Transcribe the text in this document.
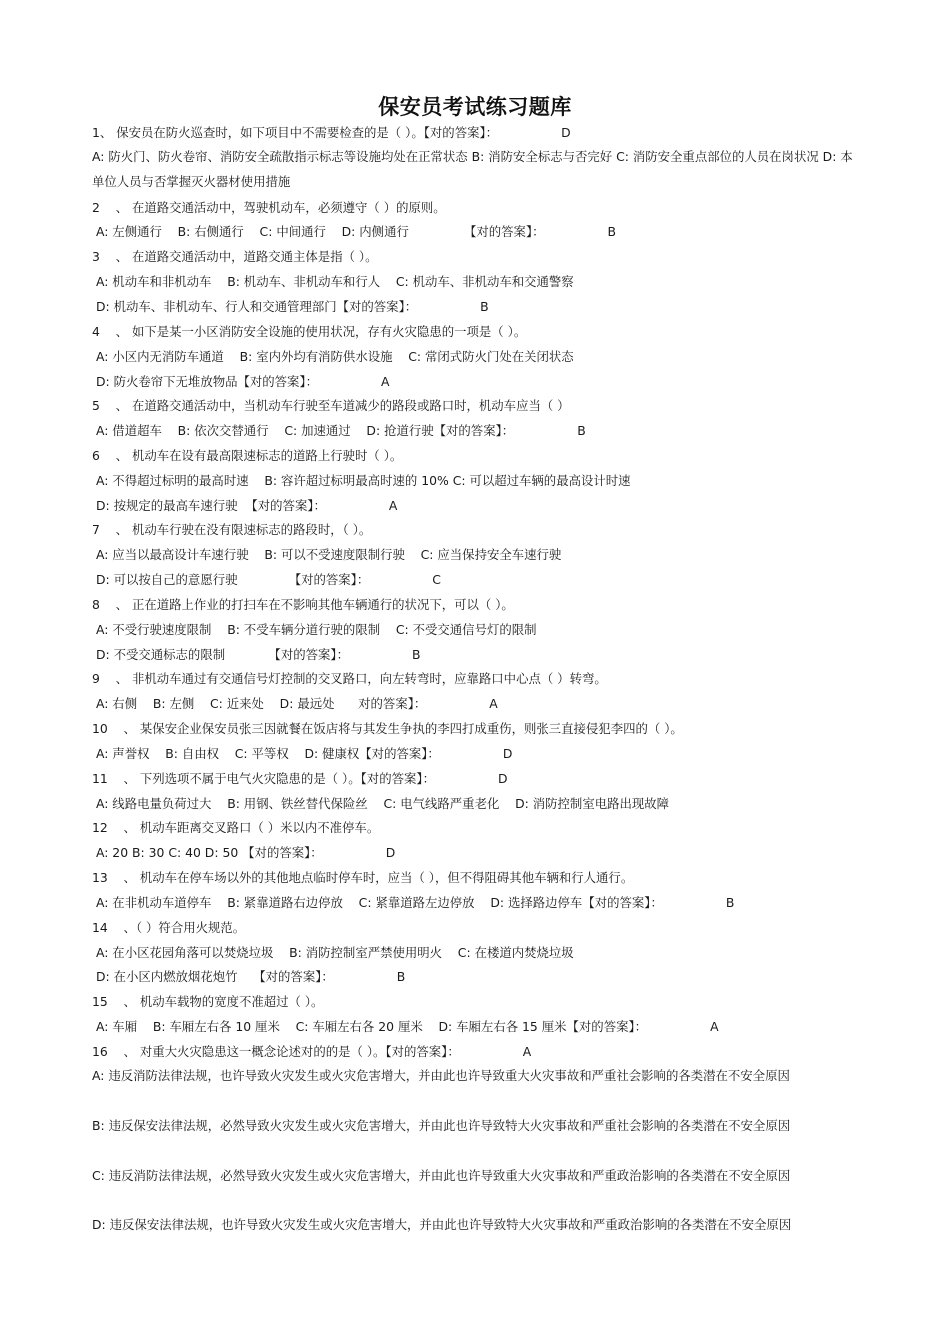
保安员考试练习题库
1、 保安员在防火巡查时，如下项目中不需要检查的是（ ）。【对的答案】：                D
A: 防火门、防火卷帘、消防安全疏散指示标志等设施均处在正常状态 B: 消防安全标志与否完好 C: 消防安全重点部位的人员在岗状况 D: 本单位人员与否掌握灭火器材使用措施
2    、 在道路交通活动中，驾驶机动车，必须遵守（ ）的原则。
A: 左侧通行    B: 右侧通行    C: 中间通行    D: 内侧通行              【对的答案】：                B
3    、 在道路交通活动中，道路交通主体是指（ ）。
A: 机动车和非机动车    B: 机动车、非机动车和行人    C: 机动车、非机动车和交通警察
D: 机动车、非机动车、行人和交通管理部门【对的答案】：                B
4    、 如下是某一小区消防安全设施的使用状况，存有火灾隐患的一项是（ ）。
A: 小区内无消防车通道    B: 室内外均有消防供水设施    C: 常闭式防火门处在关闭状态
D: 防火卷帘下无堆放物品【对的答案】：                A
5    、 在道路交通活动中，当机动车行驶至车道减少的路段或路口时，机动车应当（ ）
A: 借道超车    B: 依次交替通行    C: 加速通过    D: 抢道行驶【对的答案】：                B
6    、 机动车在设有最高限速标志的道路上行驶时（ ）。
A: 不得超过标明的最高时速    B: 容许超过标明最高时速的 10% C: 可以超过车辆的最高设计时速
D: 按规定的最高车速行驶  【对的答案】：                A
7    、 机动车行驶在没有限速标志的路段时，（ ）。
A: 应当以最高设计车速行驶    B: 可以不受速度限制行驶    C: 应当保持安全车速行驶
D: 可以按自己的意愿行驶             【对的答案】：                C
8    、 正在道路上作业的打扫车在不影响其他车辆通行的状况下，可以（ ）。
A: 不受行驶速度限制    B: 不受车辆分道行驶的限制    C: 不受交通信号灯的限制
D: 不受交通标志的限制           【对的答案】：                B
9    、 非机动车通过有交通信号灯控制的交叉路口，向左转弯时，应靠路口中心点（ ）转弯。
A: 右侧    B: 左侧    C: 近来处    D: 最远处      对的答案】：                A
10    、 某保安企业保安员张三因就餐在饭店将与其发生争执的李四打成重伤，则张三直接侵犯李四的（ ）。
A: 声誉权    B: 自由权    C: 平等权    D: 健康权【对的答案】：                D
11    、 下列选项不属于电气火灾隐患的是（ ）。【对的答案】：                D
A: 线路电量负荷过大    B: 用钢、铁丝替代保险丝    C: 电气线路严重老化    D: 消防控制室电路出现故障
12    、 机动车距离交叉路口（ ）米以内不准停车。
A: 20 B: 30 C: 40 D: 50 【对的答案】：                D
13    、 机动车在停车场以外的其他地点临时停车时，应当（ ），但不得阻碍其他车辆和行人通行。
A: 在非机动车道停车    B: 紧靠道路右边停放    C: 紧靠道路左边停放    D: 选择路边停车【对的答案】：                B
14    、（ ）符合用火规范。
A: 在小区花园角落可以焚烧垃圾    B: 消防控制室严禁使用明火    C: 在楼道内焚烧垃圾
D: 在小区内燃放烟花炮竹    【对的答案】：                B
15    、 机动车载物的宽度不准超过（ ）。
A: 车厢    B: 车厢左右各 10 厘米    C: 车厢左右各 20 厘米    D: 车厢左右各 15 厘米【对的答案】：                A
16    、 对重大火灾隐患这一概念论述对的的是（ ）。【对的答案】：                A
A: 违反消防法律法规，也许导致火灾发生或火灾危害增大，并由此也许导致重大火灾事故和严重社会影响的各类潜在不安全原因
B: 违反保安法律法规，必然导致火灾发生或火灾危害增大，并由此也许导致特大火灾事故和严重社会影响的各类潜在不安全原因
C: 违反消防法律法规，必然导致火灾发生或火灾危害增大，并由此也许导致重大火灾事故和严重政治影响的各类潜在不安全原因
D: 违反保安法律法规，也许导致火灾发生或火灾危害增大，并由此也许导致特大火灾事故和严重政治影响的各类潜在不安全原因
